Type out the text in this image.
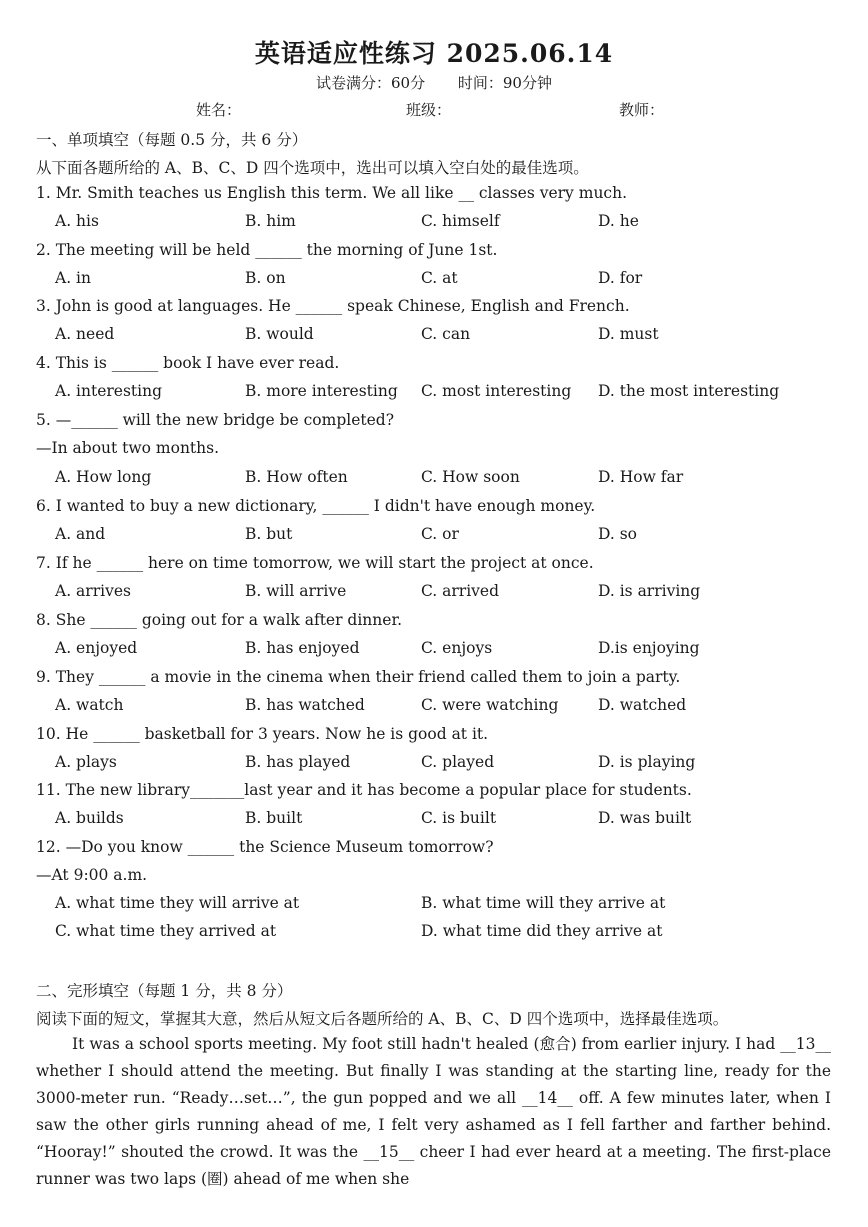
英语适应性练习 2025.06.14
试卷满分：60分 时间：90分钟
姓名：	班级：	教师：
一、单项填空（每题 0.5 分，共 6 分）
从下面各题所给的 A、B、C、D 四个选项中，选出可以填入空白处的最佳选项。
1. Mr. Smith teaches us English this term. We all like __ classes very much.
A. his	B. him	C. himself	D. he
2. The meeting will be held ______ the morning of June 1st.
A. in	B. on	C. at	D. for
3. John is good at languages. He ______ speak Chinese, English and French.
A. need	B. would	C. can	D. must
4. This is ______ book I have ever read.
A. interesting	B. more interesting C. most interesting D. the most interesting
5. —______ will the new bridge be completed?
—In about two months.
A. How long	B. How often	C. How soon	D. How far
6. I wanted to buy a new dictionary, ______ I didn't have enough money.
A. and	B. but	C. or	D. so
7. If he ______ here on time tomorrow, we will start the project at once.
A. arrives	B. will arrive	C. arrived	D. is arriving
8. She ______ going out for a walk after dinner.
A. enjoyed	B. has enjoyed	C. enjoys	D.is enjoying
9. They ______ a movie in the cinema when their friend called them to join a party.
A. watch	B. has watched	C. were watching	D. watched
10. He ______ basketball for 3 years. Now he is good at it.
A. plays	B. has played	C. played	D. is playing
11. The new library_______last year and it has become a popular place for students.
A. builds	B. built	C. is built	D. was built
12. —Do you know ______ the Science Museum tomorrow?
—At 9:00 a.m.
A. what time they will arrive at	B. what time will they arrive at
C. what time they arrived at	D. what time did they arrive at
二、完形填空（每题 1 分，共 8 分）
阅读下面的短文，掌握其大意，然后从短文后各题所给的 A、B、C、D 四个选项中，选择最佳选项。
It was a school sports meeting. My foot still hadn't healed (愈合) from earlier injury. I had __13__ whether I should attend the meeting. But finally I was standing at the starting line, ready for the 3000-meter run. “Ready…set…”, the gun popped and we all __14__ off. A few minutes later, when I saw the other girls running ahead of me, I felt very ashamed as I fell farther and farther behind. “Hooray!” shouted the crowd. It was the __15__ cheer I had ever heard at a meeting. The first-place runner was two laps (圈) ahead of me when she
